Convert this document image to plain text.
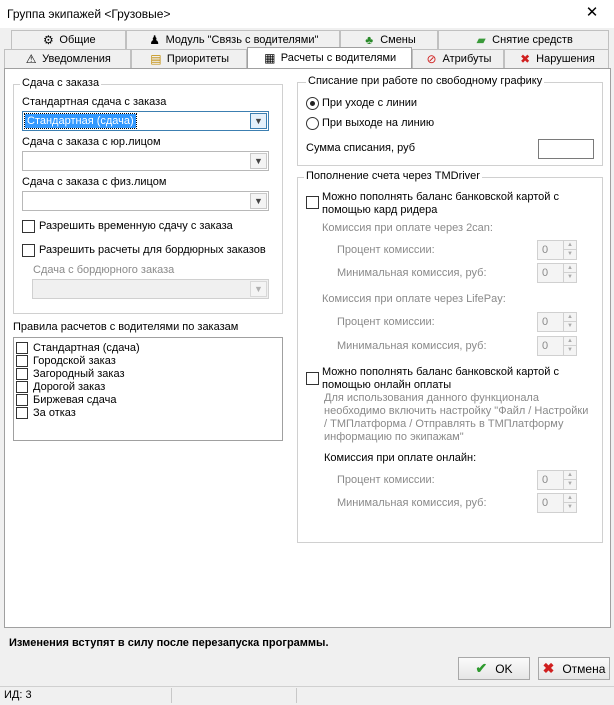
Группа экипажей <Грузовые>	✕
⚙ Общие	♟ Модуль "Связь с водителями"	♣ Смены	▰ Снятие средств
⚠ Уведомления	▤ Приоритеты	▦ Расчеты с водителями	⊘ Атрибуты ✖ Нарушения
Сдача с заказа
Стандартная сдача с заказа
Стандартная (сдача)	▼
Сдача с заказа с юр.лицом
▼
Сдача с заказа с физ.лицом
▼
Разрешить временную сдачу с заказа
Разрешить расчеты для бордюрных заказов
Сдача с бордюрного заказа
▼
Правила расчетов с водителями по заказам
Стандартная (сдача)
Городской заказ
Загородный заказ
Дорогой заказ
Биржевая сдача
За отказ
Списание при работе по свободному графику
При уходе с линии
При выходе на линию
Сумма списания, руб
Пополнение счета через TMDriver
Можно пополнять баланс банковской картой с
помощью кард ридера
Комиссия при оплате через 2can:
Процент комиссии:	0	▲
▼
Минимальная комиссия, руб:	0	▲
▼
Комиссия при оплате через LifePay:
Процент комиссии:	0	▲
▼
Минимальная комиссия, руб:	0	▲
▼
Можно пополнять баланс банковской картой с
помощью онлайн оплаты
Для использования данного функционала
необходимо включить настройку "Файл / Настройки
/ ТМПлатформа / Отправлять в ТМПлатформу
информацию по экипажам"
Комиссия при оплате онлайн:
Процент комиссии:	0	▲
▼
Минимальная комиссия, руб:	0	▲
▼
Изменения вступят в силу после перезапуска программы.
✔ OK ✖ Отмена
ИД: 3
